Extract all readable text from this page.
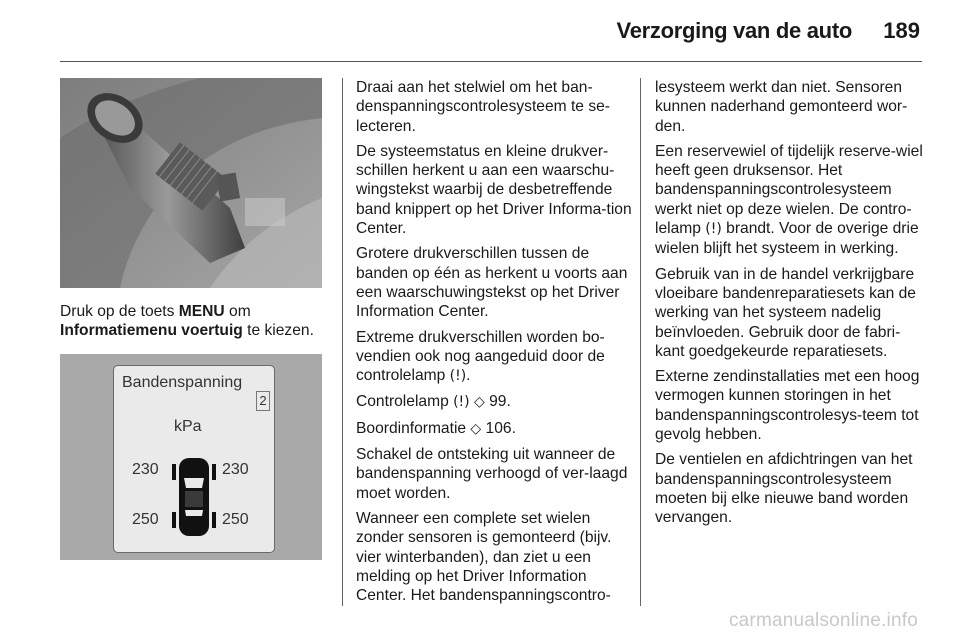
Verzorging van de auto 189
Druk op de toets MENU om
Informatiemenu voertuig te kiezen.
Bandenspanning
2
kPa
230	230
250	250

Draai aan het stelwiel om het ban-denspanningscontrolesysteem te se-lecteren.

De systeemstatus en kleine drukver-schillen herkent u aan een waarschu-wingstekst waarbij de desbetreffende band knippert op het Driver Informa-tion Center.

Grotere drukverschillen tussen de banden op één as herkent u voorts aan een waarschuwingstekst op het Driver Information Center.

Extreme drukverschillen worden bo-vendien ook nog aangeduid door de controlelamp (!).

Controlelamp (!) ◇ 99.

Boordinformatie ◇ 106.

Schakel de ontsteking uit wanneer de bandenspanning verhoogd of ver-laagd moet worden.

Wanneer een complete set wielen zonder sensoren is gemonteerd (bijv. vier winterbanden), dan ziet u een melding op het Driver Information Center. Het bandenspanningscontro-

lesysteem werkt dan niet. Sensoren kunnen naderhand gemonteerd wor-den.

Een reservewiel of tijdelijk reserve-wiel heeft geen druksensor. Het bandenspanningscontrolesysteem werkt niet op deze wielen. De contro-lelamp (!) brandt. Voor de overige drie wielen blijft het systeem in werking.

Gebruik van in de handel verkrijgbare vloeibare bandenreparatiesets kan de werking van het systeem nadelig beïnvloeden. Gebruik door de fabri-kant goedgekeurde reparatiesets.

Externe zendinstallaties met een hoog vermogen kunnen storingen in het bandenspanningscontrolesys-teem tot gevolg hebben.

De ventielen en afdichtringen van het bandenspanningscontrolesysteem moeten bij elke nieuwe band worden vervangen.

carmanualsonline.info
